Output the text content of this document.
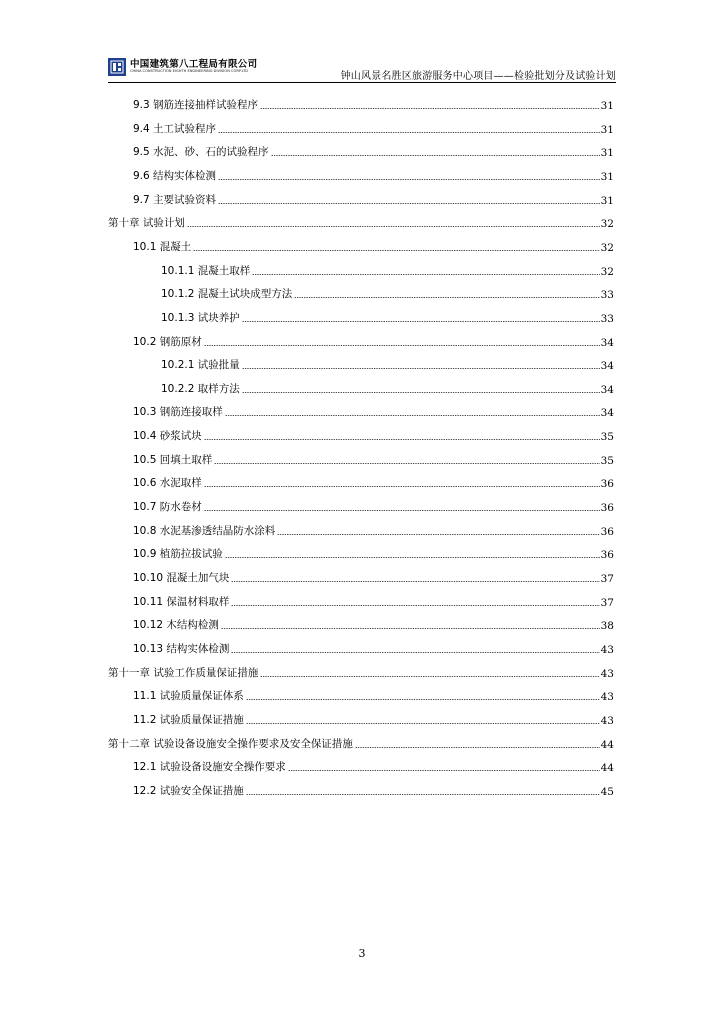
中国建筑第八工程局有限公司
CHINA CONSTRUCTION EIGHTH ENGINEERING DIVISION CORP.LTD	钟山风景名胜区旅游服务中心项目——检验批划分及试验计划
9.3 钢筋连接抽样试验程序	31
9.4 土工试验程序	31
9.5 水泥、砂、石的试验程序	31
9.6 结构实体检测	31
9.7 主要试验资料	31
第十章 试验计划	32
10.1 混凝土	32
10.1.1 混凝土取样	32
10.1.2 混凝土试块成型方法	33
10.1.3 试块养护	33
10.2 钢筋原材	34
10.2.1 试验批量	34
10.2.2 取样方法	34
10.3 钢筋连接取样	34
10.4 砂浆试块	35
10.5 回填土取样	35
10.6 水泥取样	36
10.7 防水卷材	36
10.8 水泥基渗透结晶防水涂料	36
10.9 植筋拉拔试验	36
10.10 混凝土加气块	37
10.11 保温材料取样	37
10.12 木结构检测	38
10.13 结构实体检测	43
第十一章 试验工作质量保证措施	43
11.1 试验质量保证体系	43
11.2 试验质量保证措施	43
第十二章 试验设备设施安全操作要求及安全保证措施	44
12.1 试验设备设施安全操作要求	44
12.2 试验安全保证措施	45
3
